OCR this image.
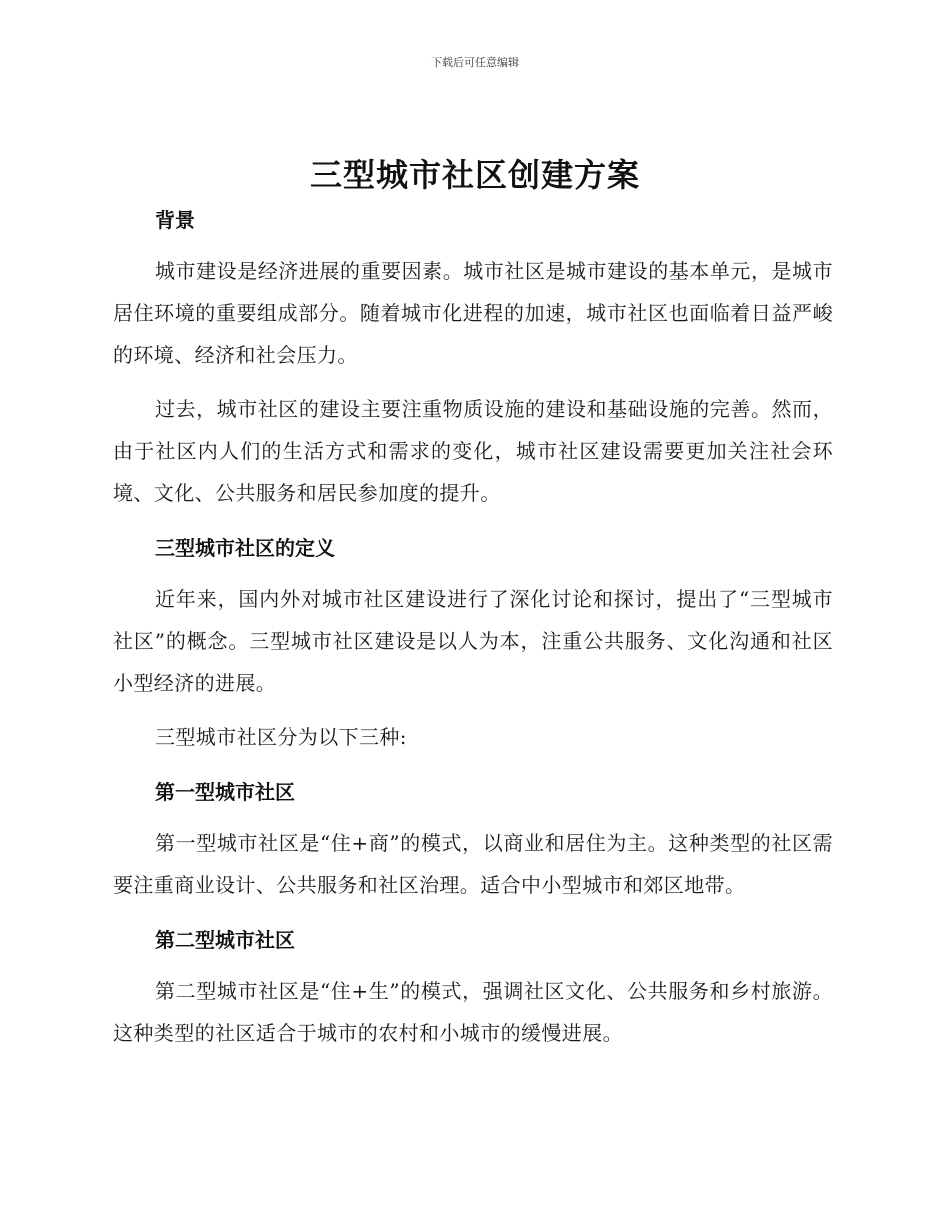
下载后可任意编辑
三型城市社区创建方案
背景

城市建设是经济进展的重要因素。城市社区是城市建设的基本单元，是城市居住环境的重要组成部分。随着城市化进程的加速，城市社区也面临着日益严峻的环境、经济和社会压力。

过去，城市社区的建设主要注重物质设施的建设和基础设施的完善。然而，由于社区内人们的生活方式和需求的变化，城市社区建设需要更加关注社会环境、文化、公共服务和居民参加度的提升。

三型城市社区的定义

近年来，国内外对城市社区建设进行了深化讨论和探讨，提出了“三型城市社区”的概念。三型城市社区建设是以人为本，注重公共服务、文化沟通和社区小型经济的进展。

三型城市社区分为以下三种:

第一型城市社区

第一型城市社区是“住+商”的模式，以商业和居住为主。这种类型的社区需要注重商业设计、公共服务和社区治理。适合中小型城市和郊区地带。

第二型城市社区

第二型城市社区是“住+生”的模式，强调社区文化、公共服务和乡村旅游。这种类型的社区适合于城市的农村和小城市的缓慢进展。
